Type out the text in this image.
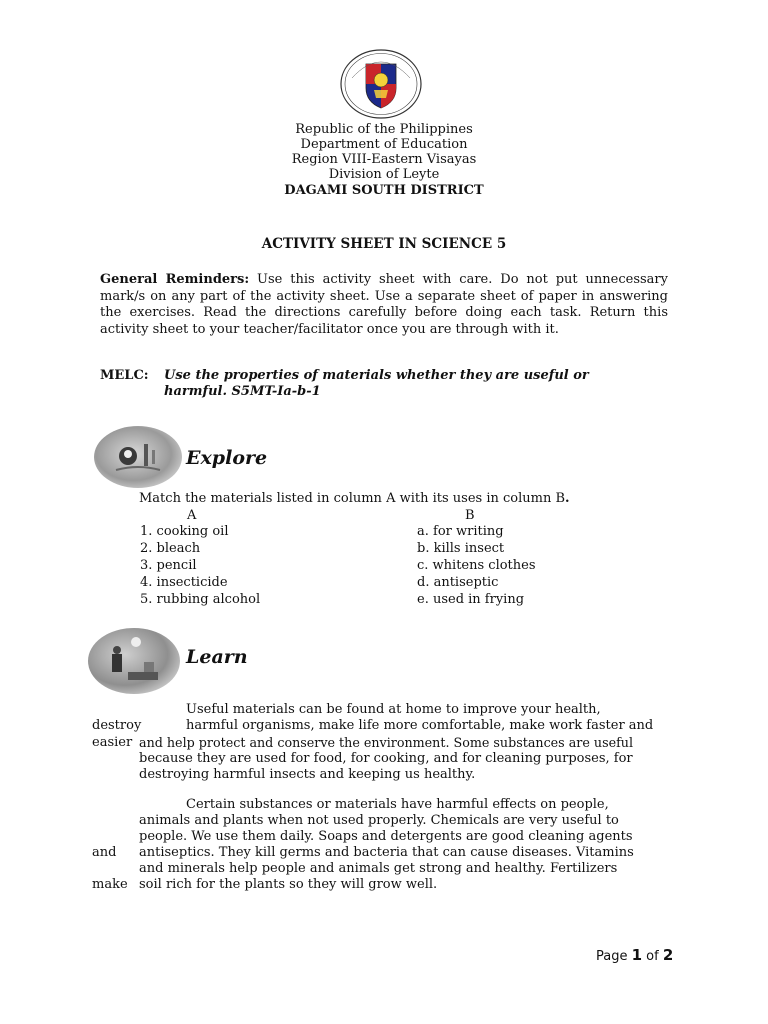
Republic of the Philippines
Department of Education
Region VIII-Eastern Visayas
Division of Leyte
DAGAMI SOUTH DISTRICT
ACTIVITY SHEET IN SCIENCE 5
General Reminders: Use this activity sheet with care. Do not put unnecessary mark/s on any part of the activity sheet. Use a separate sheet of paper in answering the exercises. Read the directions carefully before doing each task. Return this activity sheet to your teacher/facilitator once you are through with it.
MELC: Use the properties of materials whether they are useful or
harmful. S5MT-Ia-b-1
Explore
Match the materials listed in column A with its uses in column B.
A	B
1. cooking oil
2. bleach
3. pencil
4. insecticide
5. rubbing alcohol
a. for writing
b. kills insect
c. whitens clothes
d. antiseptic
e. used in frying
Learn
Useful materials can be found at home to improve your health,
destroy	harmful organisms, make life more comfortable, make work faster and
easier and help protect and conserve the environment. Some substances are useful
because they are used for food, for cooking, and for cleaning purposes, for
destroying harmful insects and keeping us healthy.
Certain substances or materials have harmful effects on people,
animals and plants when not used properly. Chemicals are very useful to
people. We use them daily. Soaps and detergents are good cleaning agents
and antiseptics. They kill germs and bacteria that can cause diseases. Vitamins
and minerals help people and animals get strong and healthy. Fertilizers
make soil rich for the plants so they will grow well.
Page 1 of 2
